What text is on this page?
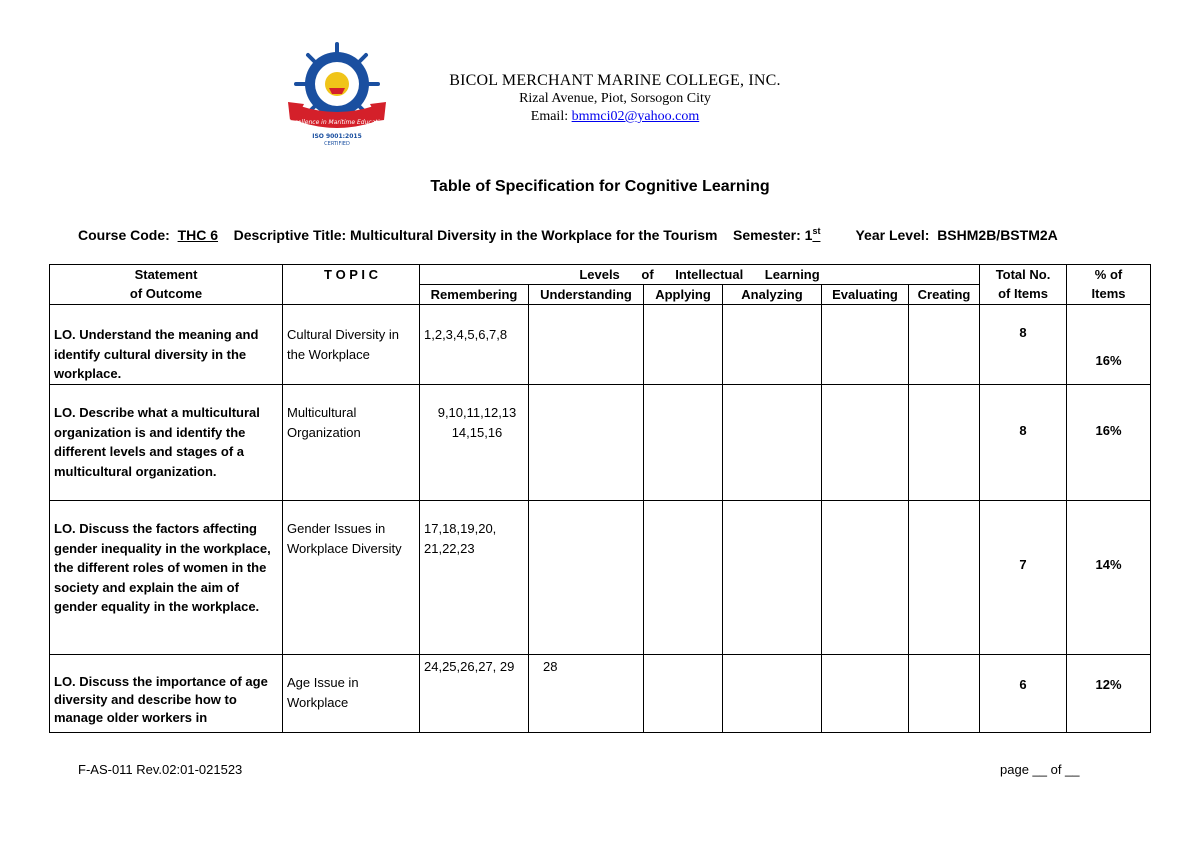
Excellence in Maritime Education
ISO 9001:2015
CERTIFIED
BICOL MERCHANT MARINE COLLEGE, INC.
Rizal Avenue, Piot, Sorsogon City
Email: bmmci02@yahoo.com
Table of Specification for Cognitive Learning
Course Code: THC 6 Descriptive Title: Multicultural Diversity in the Workplace for the Tourism Semester: 1st	Year Level: BSHM2B/BSTM2A
Statement
of Outcome	T O P I C	Levels of Intellectual Learning						Total No.
of Items	% of
Items
		Remembering	Understanding	Applying	Analyzing	Evaluating	Creating		
LO. Understand the meaning and identify cultural diversity in the workplace.	Cultural Diversity in the Workplace	1,2,3,4,5,6,7,8						8	16%
LO. Describe what a multicultural organization is and identify the different levels and stages of a multicultural organization.	Multicultural Organization	9,10,11,12,13 14,15,16						8	16%
LO. Discuss the factors affecting gender inequality in the workplace, the different roles of women in the society and explain the aim of gender equality in the workplace.	Gender Issues in Workplace Diversity	17,18,19,20, 21,22,23						7	14%
LO. Discuss the importance of age diversity and describe how to manage older workers in	Age Issue in Workplace	24,25,26,27, 29	28					6	12%
F-AS-011 Rev.02:01-021523	page __ of __
